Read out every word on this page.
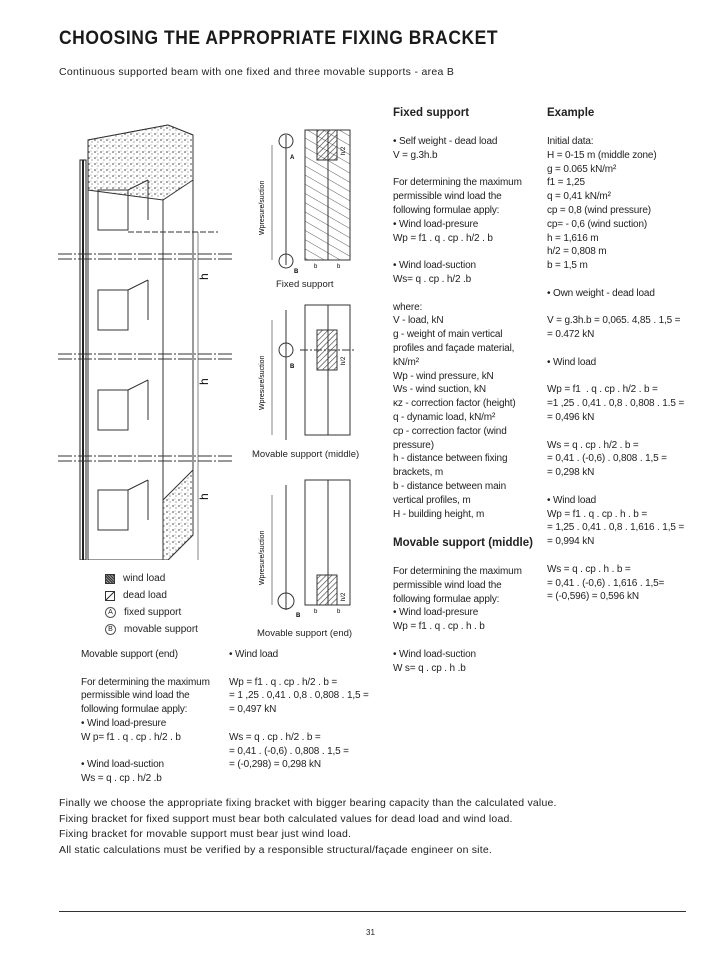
CHOOSING THE APPROPRIATE FIXING BRACKET
Continuous supported beam with one fixed and three movable supports - area B
h
h
h
Wpresure/suction
Wpresure/suction
Wpresure/suction
h/2
h/2
h/2
b	b
b	b
A
B
B
B
Fixed support
Movable support (middle)
Movable support (end)
wind load
dead load
A	fixed support
B	movable support
Fixed support
• Self weight - dead load
V = g.3h.b
For determining the maximum
permissible wind load the
following formulae apply:
• Wind load-presure
Wp = f1 . q . cp . h/2 . b
• Wind load-suction
Ws= q . cp . h/2 .b
where:
V - load, kN
g - weight of main vertical
profiles and façade material,
kN/m²
Wp - wind pressure, kN
Ws - wind suction, kN
κz - correction factor (height)
q - dynamic load, kN/m²
cp - correction factor (wind
pressure)
h - distance between fixing
brackets, m
b - distance between main
vertical profiles, m
H - building height, m
Movable support (middle)
For determining the maximum
permissible wind load the
following formulae apply:
• Wind load-presure
Wp = f1 . q . cp . h . b
• Wind load-suction
W s= q . cp . h .b
Example
Initial data:
H = 0-15 m (middle zone)
g = 0.065 kN/m²
f1 = 1,25
q = 0,41 kN/m²
cp = 0,8 (wind pressure)
cp= - 0,6 (wind suction)
h = 1,616 m
h/2 = 0,808 m
b = 1,5 m
• Own weight - dead load
V = g.3h.b = 0,065. 4,85 . 1,5 =
= 0.472 kN
• Wind load
Wp = f1  . q . cp . h/2 . b =
=1 ,25 . 0,41 . 0,8 . 0,808 . 1.5 =
= 0,496 kN
Ws = q . cp . h/2 . b =
= 0,41 . (-0,6) . 0,808 . 1,5 =
= 0,298 kN
• Wind load
Wp = f1 . q . cp . h . b =
= 1,25 . 0,41 . 0,8 . 1,616 . 1,5 =
= 0,994 kN
Ws = q . cp . h . b =
= 0,41 . (-0,6) . 1,616 . 1,5=
= (-0,596) = 0,596 kN
Movable support (end)
For determining the maximum
permissible wind load the
following formulae apply:
• Wind load-presure
W p= f1 . q . cp . h/2 . b
• Wind load-suction
Ws = q . cp . h/2 .b
• Wind load
Wp = f1 . q . cp . h/2 . b =
= 1 ,25 . 0,41 . 0,8 . 0,808 . 1,5 =
= 0,497 kN
Ws = q . cp . h/2 . b =
= 0,41 . (-0,6) . 0,808 . 1,5 =
= (-0,298) = 0,298 kN
Finally we choose the appropriate fixing bracket with bigger bearing capacity than the calculated value.
Fixing bracket for fixed support must bear both calculated values for dead load and wind load.
Fixing bracket for movable support must bear just wind load.
All static calculations must be verified by a responsible structural/façade engineer on site.
31
